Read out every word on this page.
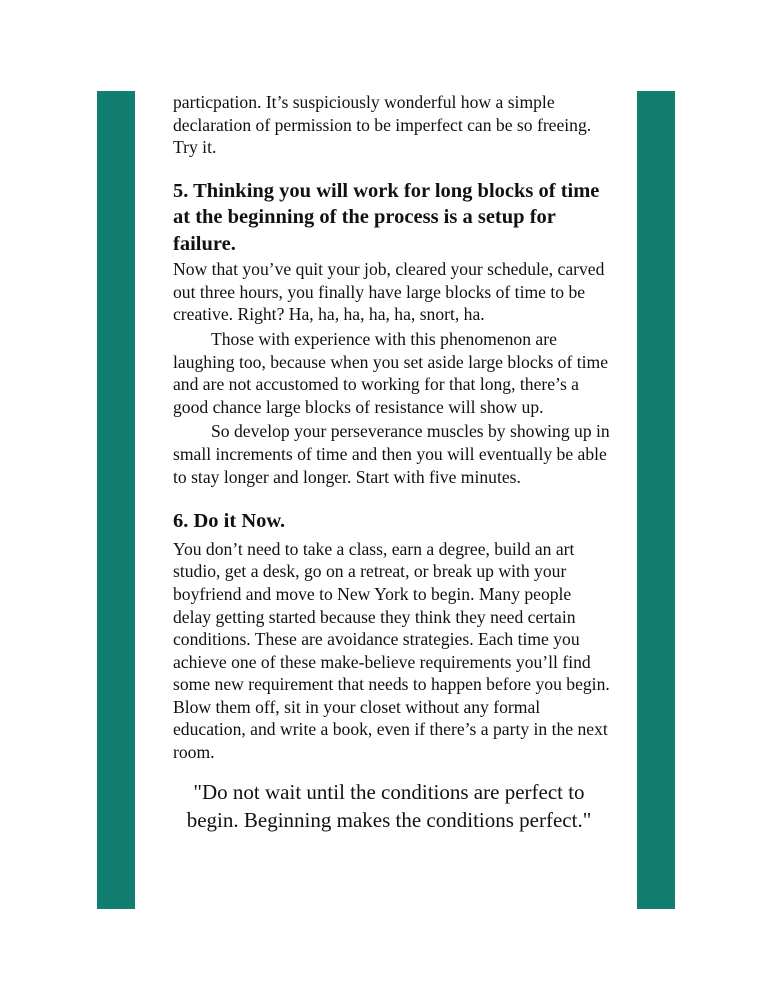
particpation. It’s suspiciously wonderful how a simple declaration of permission to be imperfect can be so freeing. Try it.

5. Thinking you will work for long blocks of time at the beginning of the process is a setup for failure.

Now that you’ve quit your job, cleared your schedule, carved out three hours, you finally have large blocks of time to be creative. Right? Ha, ha, ha, ha, ha, snort, ha.

Those with experience with this phenomenon are laughing too, because when you set aside large blocks of time and are not accustomed to working for that long, there’s a good chance large blocks of resistance will show up.

So develop your perseverance muscles by showing up in small increments of time and then you will eventually be able to stay longer and longer. Start with five minutes.

6. Do it Now.

You don’t need to take a class, earn a degree, build an art studio, get a desk, go on a retreat, or break up with your boyfriend and move to New York to begin. Many people delay getting started because they think they need certain conditions. These are avoidance strategies. Each time you achieve one of these make-believe requirements you’ll find some new requirement that needs to happen before you begin. Blow them off, sit in your closet without any formal education, and write a book, even if there’s a party in the next room.

"Do not wait until the conditions are perfect to begin. Beginning makes the conditions perfect."
